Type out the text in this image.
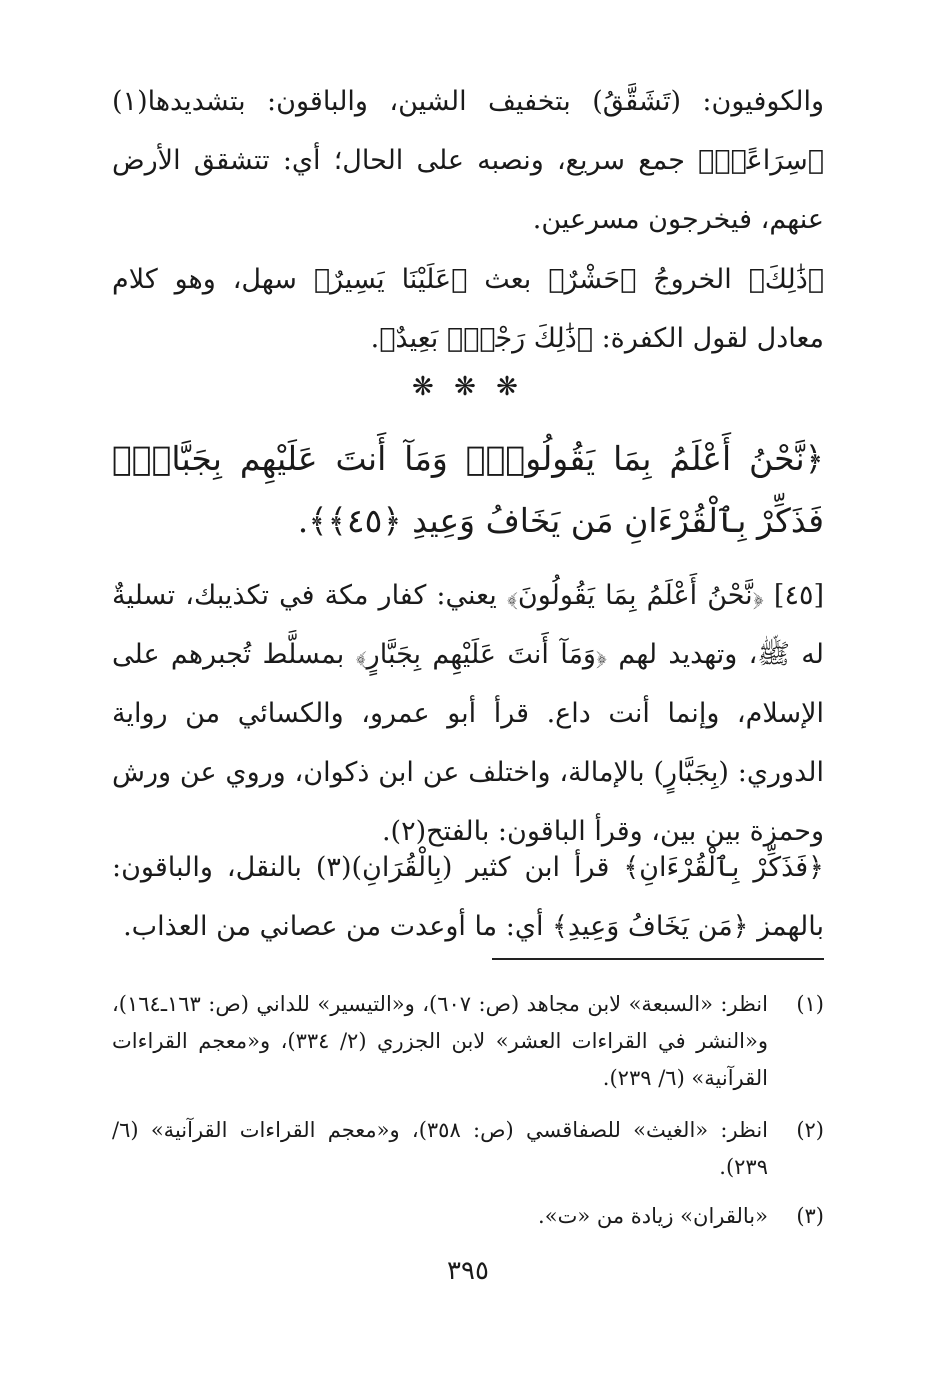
والكوفيون: (تَشَقَّقُ) بتخفيف الشين، والباقون: بتشديدها(١) ﴿سِرَاعًاۚ﴾ جمع سريع، ونصبه على الحال؛ أي: تتشقق الأرض عنهم، فيخرجون مسرعين.

﴿ذَٰلِكَ﴾ الخروجُ ﴿حَشْرٌ﴾ بعث ﴿عَلَيْنَا يَسِيرٌ﴾ سهل، وهو كلام معادل لقول الكفرة: ﴿ذَٰلِكَ رَجْعُۢ بَعِيدٌ﴾.

❋ ❋ ❋

﴿نَّحْنُ أَعْلَمُ بِمَا يَقُولُونَۖ وَمَآ أَنتَ عَلَيْهِم بِجَبَّارٍۖ فَذَكِّرْ بِٱلْقُرْءَانِ مَن يَخَافُ وَعِيدِ ﴿٤٥﴾﴾.

[٤٥] ﴿نَّحْنُ أَعْلَمُ بِمَا يَقُولُونَ﴾ يعني: كفار مكة في تكذيبك، تسليةٌ له ﷺ، وتهديد لهم ﴿وَمَآ أَنتَ عَلَيْهِم بِجَبَّارٍ﴾ بمسلَّط تُجبرهم على الإسلام، وإنما أنت داع. قرأ أبو عمرو، والكسائي من رواية الدوري: (بِجَبَّارٍ) بالإمالة، واختلف عن ابن ذكوان، وروي عن ورش وحمزة بين بين، وقرأ الباقون: بالفتح(٢).

﴿فَذَكِّرْ بِٱلْقُرْءَانِ﴾ قرأ ابن كثير (بِالْقُرَانِ)(٣) بالنقل، والباقون: بالهمز ﴿مَن يَخَافُ وَعِيدِ﴾ أي: ما أوعدت من عصاني من العذاب.

(١)
انظر: «السبعة» لابن مجاهد (ص: ٦٠٧)، و«التيسير» للداني (ص: ١٦٣ـ١٦٤)، و«النشر في القراءات العشر» لابن الجزري (٢/ ٣٣٤)، و«معجم القراءات القرآنية» (٦/ ٢٣٩).
(٢)
انظر: «الغيث» للصفاقسي (ص: ٣٥٨)، و«معجم القراءات القرآنية» (٦/ ٢٣٩).
(٣)
«بالقران» زيادة من «ت».
٣٩٥
